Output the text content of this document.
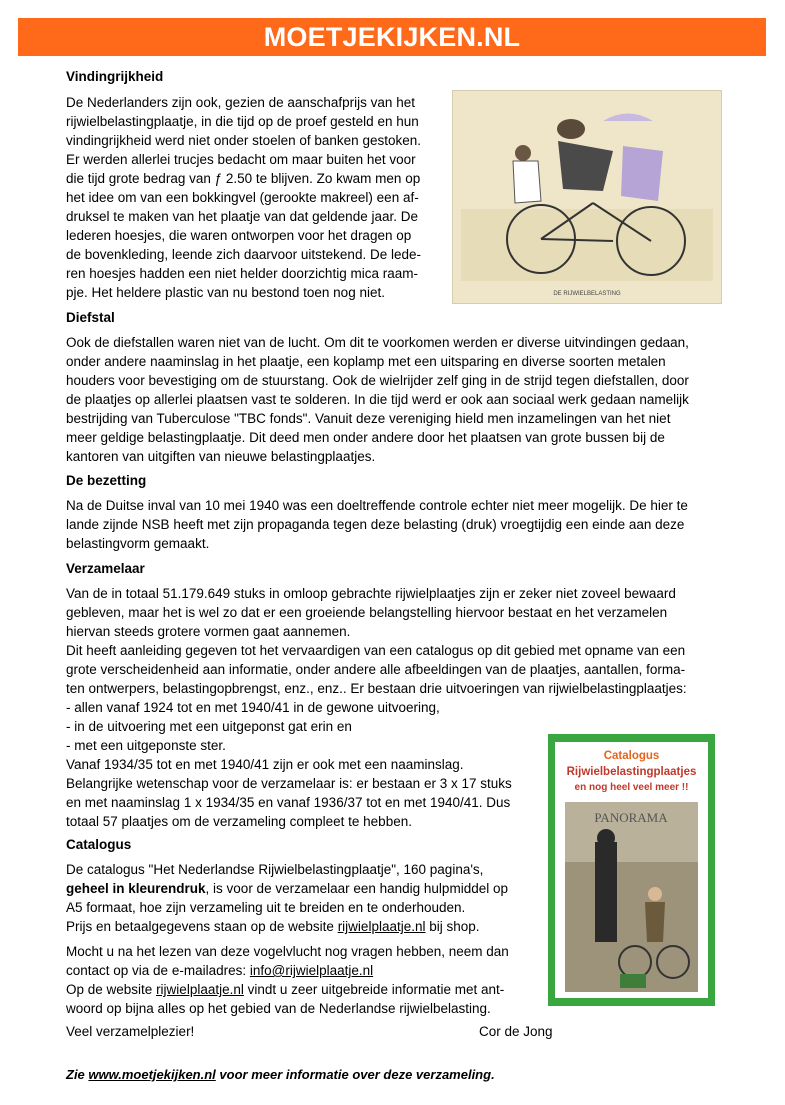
MOETJEKIJKEN.NL
Vindingrijkheid
De Nederlanders zijn ook, gezien de aanschafprijs van het
rijwielbelastingplaatje, in die tijd op de proef gesteld en hun
vindingrijkheid werd niet onder stoelen of banken gestoken.
Er werden allerlei trucjes bedacht om maar buiten het voor
die tijd grote bedrag van ƒ 2.50 te blijven. Zo kwam men op
het idee om van een bokkingvel (gerookte makreel) een af-
druksel te maken van het plaatje van dat geldende jaar. De
lederen hoesjes, die waren ontworpen voor het dragen op
de bovenkleding, leende zich daarvoor uitstekend. De lede-
ren hoesjes hadden een niet helder doorzichtig mica raam-
pje. Het heldere plastic van nu bestond toen nog niet.	DE RIJWIELBELASTING
Diefstal
Ook de diefstallen waren niet van de lucht. Om dit te voorkomen werden er diverse uitvindingen gedaan,
onder andere naaminslag in het plaatje, een koplamp met een uitsparing en diverse soorten metalen
houders voor bevestiging om de stuurstang. Ook de wielrijder zelf ging in de strijd tegen diefstallen, door
de plaatjes op allerlei plaatsen vast te solderen. In die tijd werd er ook aan sociaal werk gedaan namelijk
bestrijding van Tuberculose "TBC fonds". Vanuit deze vereniging hield men inzamelingen van het niet
meer geldige belastingplaatje. Dit deed men onder andere door het plaatsen van grote bussen bij de
kantoren van uitgiften van nieuwe belastingplaatjes.
De bezetting
Na de Duitse inval van 10 mei 1940 was een doeltreffende controle echter niet meer mogelijk. De hier te
lande zijnde NSB heeft met zijn propaganda tegen deze belasting (druk) vroegtijdig een einde aan deze
belastingvorm gemaakt.
Verzamelaar
Van de in totaal 51.179.649 stuks in omloop gebrachte rijwielplaatjes zijn er zeker niet zoveel bewaard
gebleven, maar het is wel zo dat er een groeiende belangstelling hiervoor bestaat en het verzamelen
hiervan steeds grotere vormen gaat aannemen.
Dit heeft aanleiding gegeven tot het vervaardigen van een catalogus op dit gebied met opname van een
grote verscheidenheid aan informatie, onder andere alle afbeeldingen van de plaatjes, aantallen, forma-
ten ontwerpers, belastingopbrengst, enz., enz.. Er bestaan drie uitvoeringen van rijwielbelastingplaatjes:
- allen vanaf 1924 tot en met 1940/41 in de gewone uitvoering,
- in de uitvoering met een uitgeponst gat erin en
- met een uitgeponste ster.
Vanaf 1934/35 tot en met 1940/41 zijn er ook met een naaminslag.
Belangrijke wetenschap voor de verzamelaar is: er bestaan er 3 x 17 stuks
en met naaminslag 1 x 1934/35 en vanaf 1936/37 tot en met 1940/41. Dus
totaal 57 plaatjes om de verzameling compleet te hebben.
Catalogus
De catalogus "Het Nederlandse Rijwielbelastingplaatje", 160 pagina's,
geheel in kleurendruk, is voor de verzamelaar een handig hulpmiddel op
A5 formaat, hoe zijn verzameling uit te breiden en te onderhouden.
Prijs en betaalgegevens staan op de website rijwielplaatje.nl bij shop.
Mocht u na het lezen van deze vogelvlucht nog vragen hebben, neem dan
contact op via de e-mailadres: info@rijwielplaatje.nl
Op de website rijwielplaatje.nl vindt u zeer uitgebreide informatie met ant-
woord op bijna alles op het gebied van de Nederlandse rijwielbelasting.
Veel verzamelplezier!	Cor de Jong
Catalogus
Rijwielbelastingplaatjes
en nog heel veel meer !!
PANORAMA
Zie www.moetjekijken.nl voor meer informatie over deze verzameling.
